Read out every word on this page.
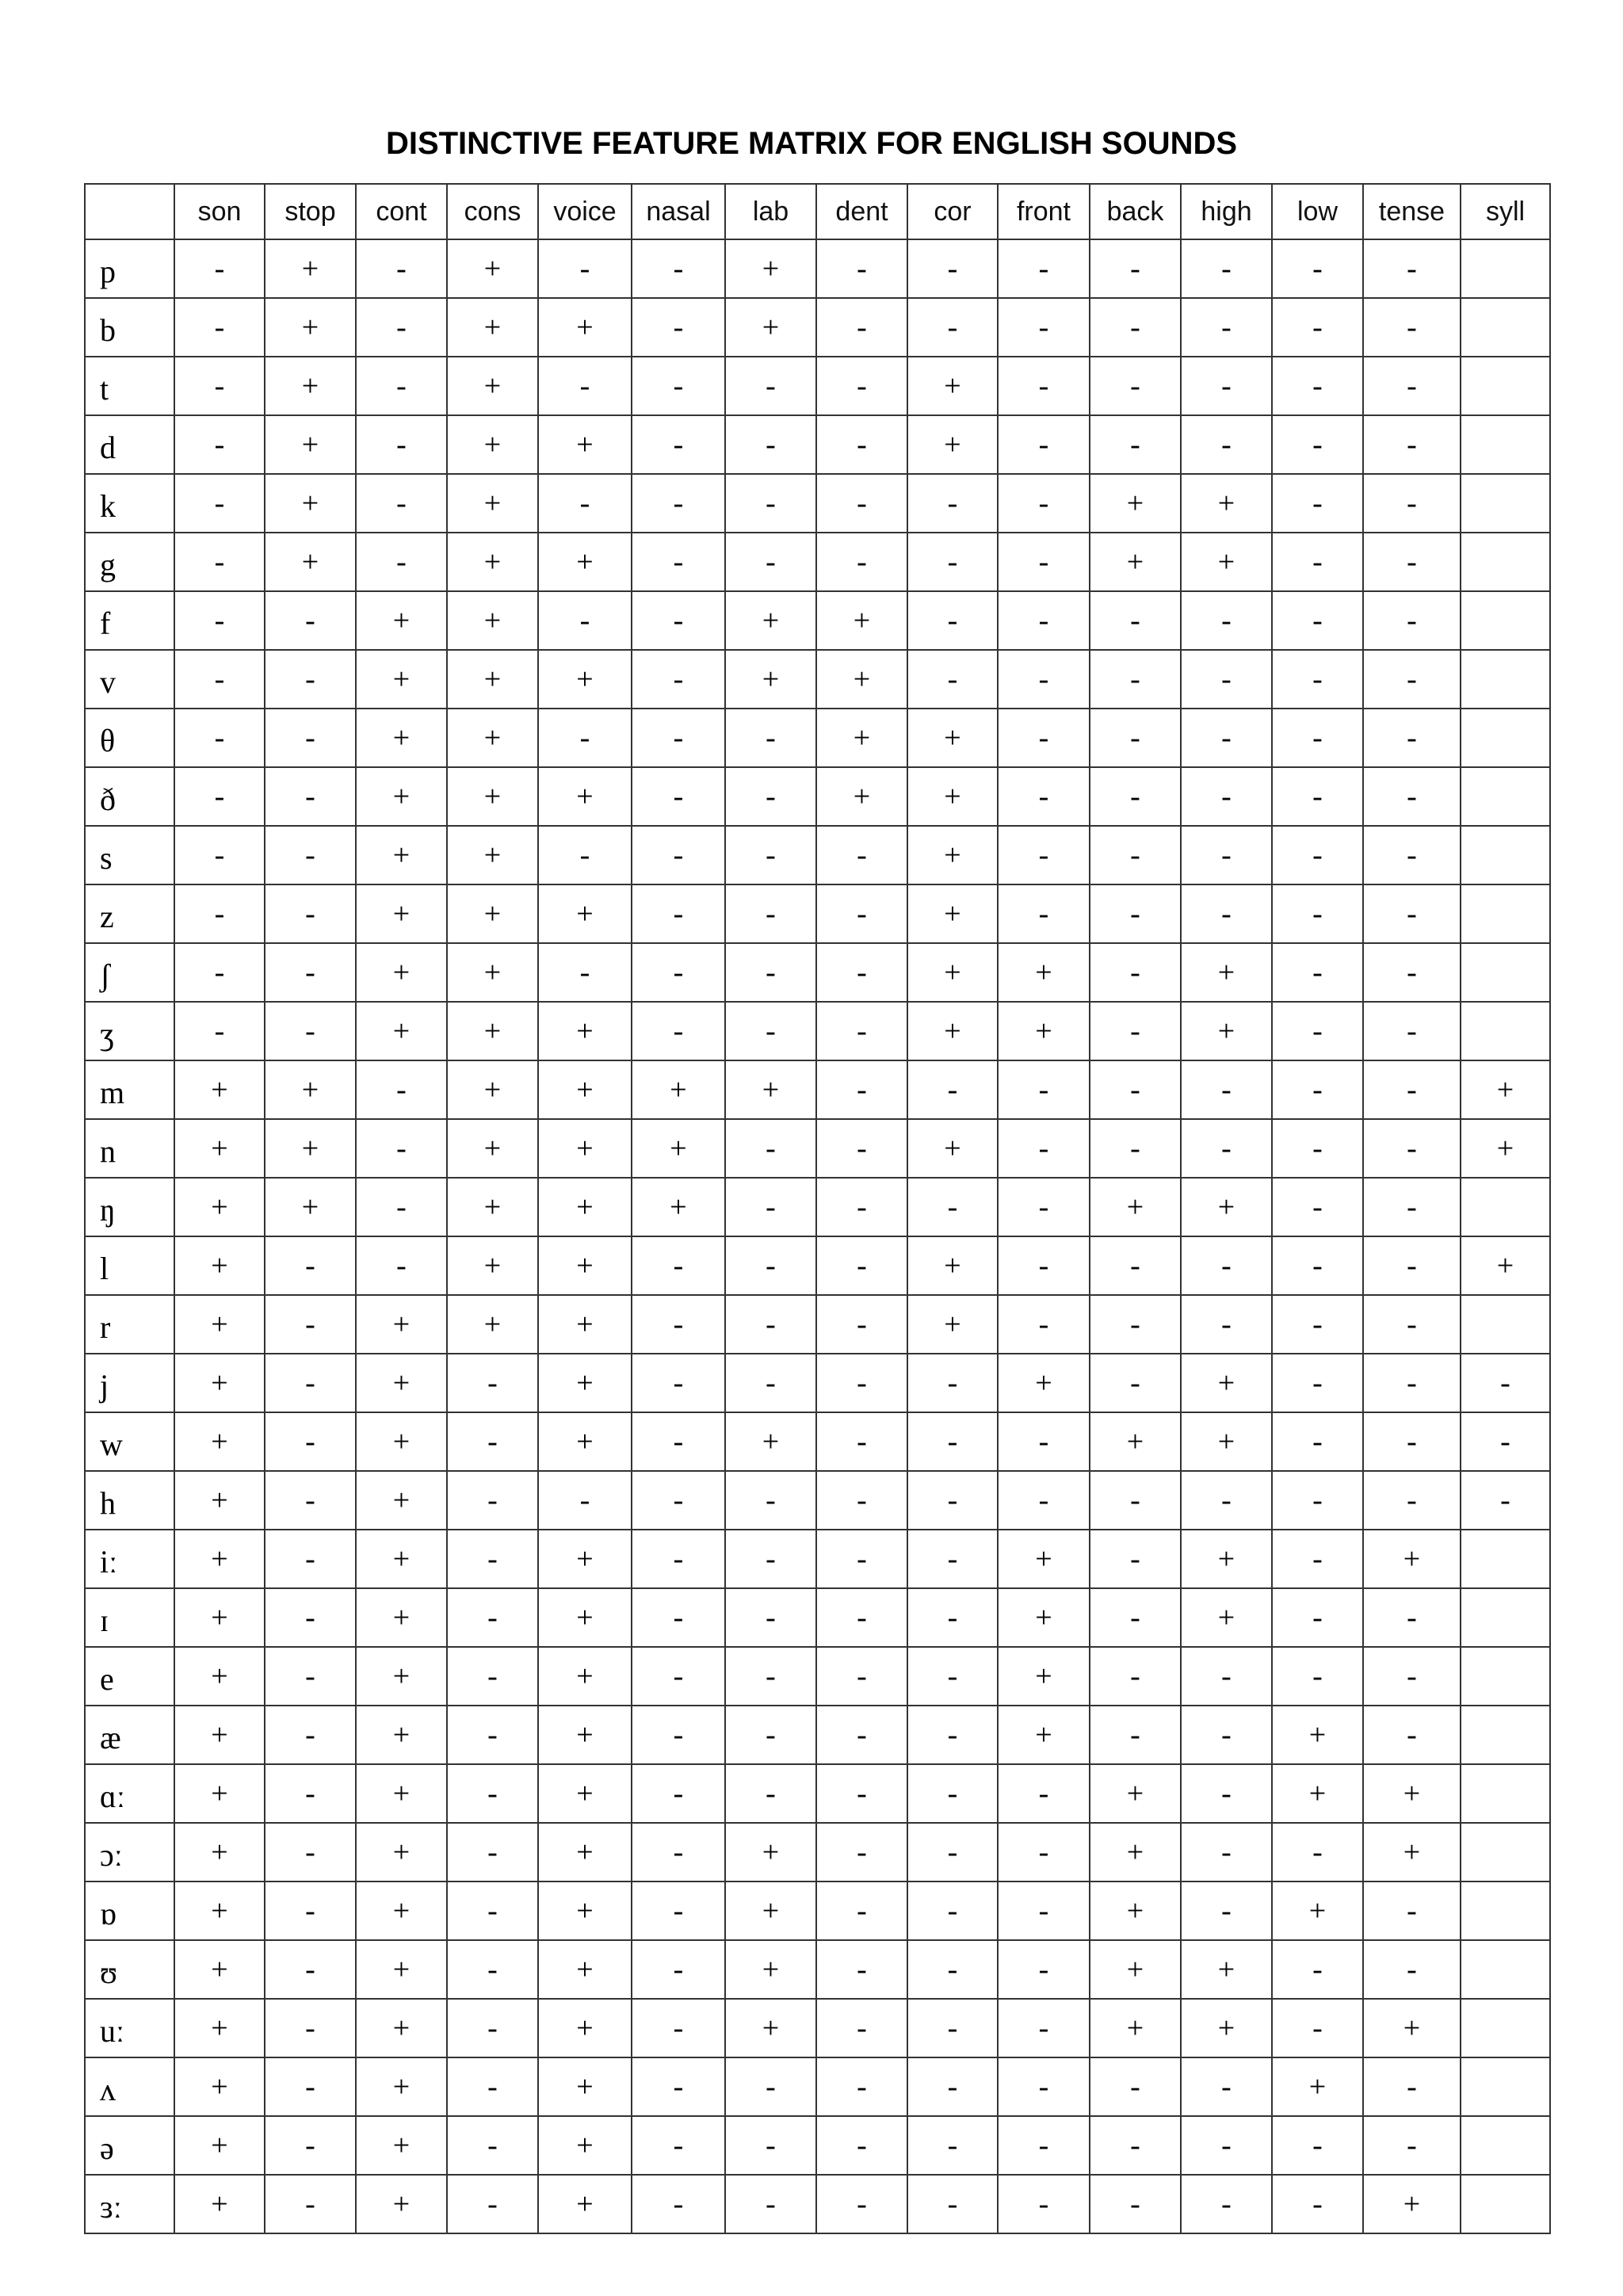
DISTINCTIVE FEATURE MATRIX FOR ENGLISH SOUNDS
	son	stop	cont	cons	voice	nasal	lab	dent	cor	front	back	high	low	tense	syll
p	-	+	-	+	-	-	+	-	-	-	-	-	-	-	
b	-	+	-	+	+	-	+	-	-	-	-	-	-	-	
t	-	+	-	+	-	-	-	-	+	-	-	-	-	-	
d	-	+	-	+	+	-	-	-	+	-	-	-	-	-	
k	-	+	-	+	-	-	-	-	-	-	+	+	-	-	
g	-	+	-	+	+	-	-	-	-	-	+	+	-	-	
f	-	-	+	+	-	-	+	+	-	-	-	-	-	-	
v	-	-	+	+	+	-	+	+	-	-	-	-	-	-	
θ	-	-	+	+	-	-	-	+	+	-	-	-	-	-	
ð	-	-	+	+	+	-	-	+	+	-	-	-	-	-	
s	-	-	+	+	-	-	-	-	+	-	-	-	-	-	
z	-	-	+	+	+	-	-	-	+	-	-	-	-	-	
ʃ	-	-	+	+	-	-	-	-	+	+	-	+	-	-	
ʒ	-	-	+	+	+	-	-	-	+	+	-	+	-	-	
m	+	+	-	+	+	+	+	-	-	-	-	-	-	-	+
n	+	+	-	+	+	+	-	-	+	-	-	-	-	-	+
ŋ	+	+	-	+	+	+	-	-	-	-	+	+	-	-	
l	+	-	-	+	+	-	-	-	+	-	-	-	-	-	+
r	+	-	+	+	+	-	-	-	+	-	-	-	-	-	
j	+	-	+	-	+	-	-	-	-	+	-	+	-	-	-
w	+	-	+	-	+	-	+	-	-	-	+	+	-	-	-
h	+	-	+	-	-	-	-	-	-	-	-	-	-	-	-
iː	+	-	+	-	+	-	-	-	-	+	-	+	-	+	
ɪ	+	-	+	-	+	-	-	-	-	+	-	+	-	-	
e	+	-	+	-	+	-	-	-	-	+	-	-	-	-	
æ	+	-	+	-	+	-	-	-	-	+	-	-	+	-	
ɑː	+	-	+	-	+	-	-	-	-	-	+	-	+	+	
ɔː	+	-	+	-	+	-	+	-	-	-	+	-	-	+	
ɒ	+	-	+	-	+	-	+	-	-	-	+	-	+	-	
ʊ	+	-	+	-	+	-	+	-	-	-	+	+	-	-	
uː	+	-	+	-	+	-	+	-	-	-	+	+	-	+	
ʌ	+	-	+	-	+	-	-	-	-	-	-	-	+	-	
ə	+	-	+	-	+	-	-	-	-	-	-	-	-	-	
ɜː	+	-	+	-	+	-	-	-	-	-	-	-	-	+	
